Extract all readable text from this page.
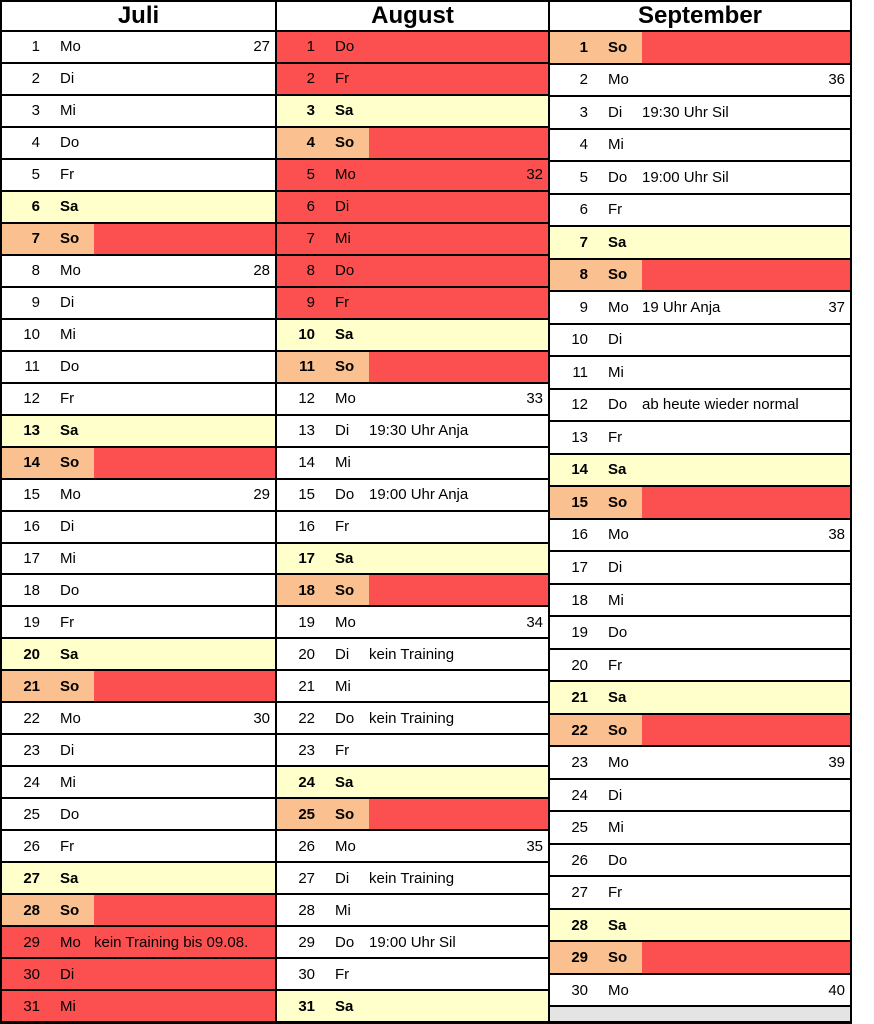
Juli
1 Mo	27
2 Di
3 Mi
4 Do
5 Fr
6 Sa
7 So
8 Mo	28
9 Di
10 Mi
11 Do
12 Fr
13 Sa
14 So
15 Mo	29
16 Di
17 Mi
18 Do
19 Fr
20 Sa
21 So
22 Mo	30
23 Di
24 Mi
25 Do
26 Fr
27 Sa
28 So
29 Mo kein Training bis 09.08.
30 Di
31 Mi
August
1 Do
2 Fr
3 Sa
4 So
5 Mo	32
6 Di
7 Mi
8 Do
9 Fr
10 Sa
11 So
12 Mo	33
13 Di 19:30 Uhr Anja
14 Mi
15 Do 19:00 Uhr Anja
16 Fr
17 Sa
18 So
19 Mo	34
20 Di kein Training
21 Mi
22 Do kein Training
23 Fr
24 Sa
25 So
26 Mo	35
27 Di kein Training
28 Mi
29 Do 19:00 Uhr Sil
30 Fr
31 Sa
September
1 So
2 Mo	36
3 Di 19:30 Uhr Sil
4 Mi
5 Do 19:00 Uhr Sil
6 Fr
7 Sa
8 So
9 Mo 19 Uhr Anja	37
10 Di
11 Mi
12 Do ab heute wieder normal
13 Fr
14 Sa
15 So
16 Mo	38
17 Di
18 Mi
19 Do
20 Fr
21 Sa
22 So
23 Mo	39
24 Di
25 Mi
26 Do
27 Fr
28 Sa
29 So
30 Mo	40
